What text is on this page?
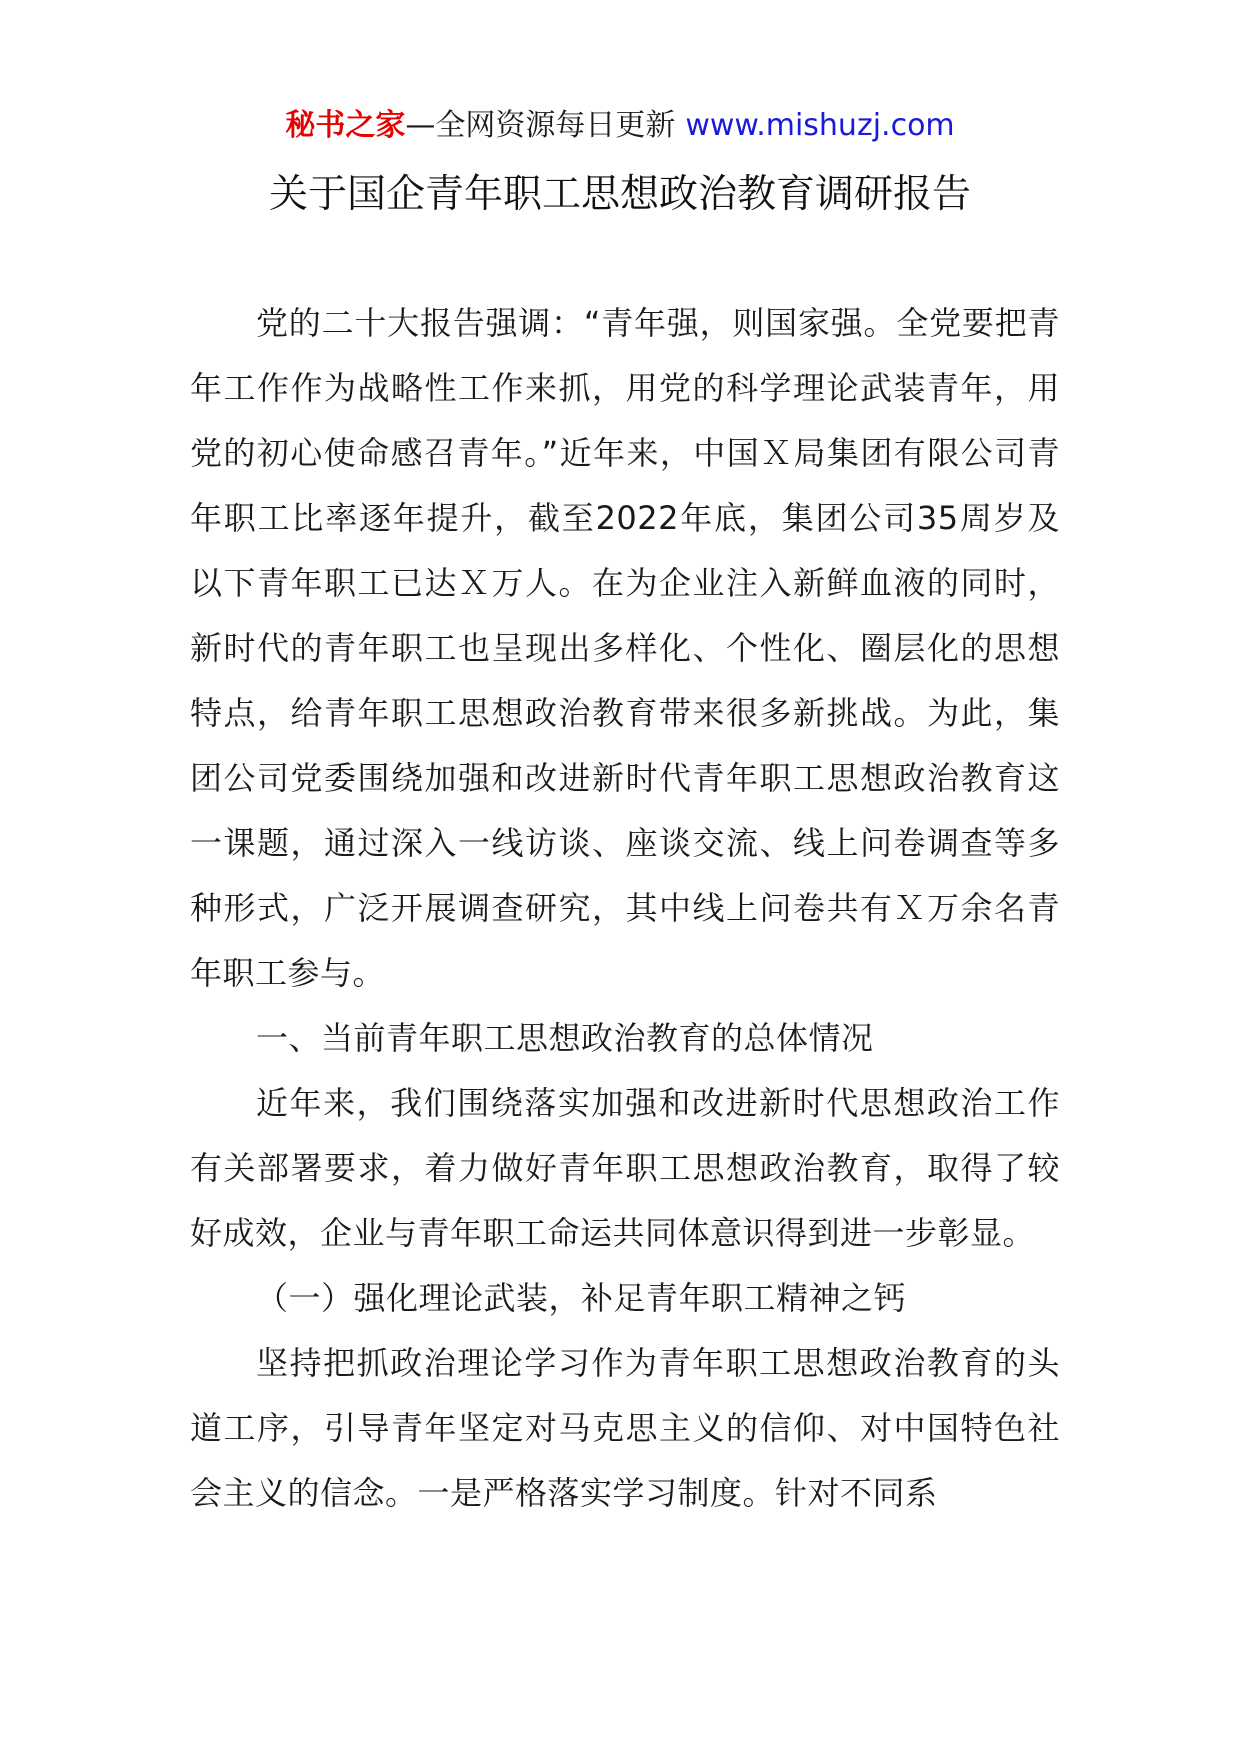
秘书之家—全网资源每日更新 www.mishuzj.com
关于国企青年职工思想政治教育调研报告

党的二十大报告强调：“青年强，则国家强。全党要把青年工作作为战略性工作来抓，用党的科学理论武装青年，用党的初心使命感召青年。”近年来，中国Ｘ局集团有限公司青年职工比率逐年提升，截至2022年底，集团公司35周岁及以下青年职工已达Ｘ万人。在为企业注入新鲜血液的同时，新时代的青年职工也呈现出多样化、个性化、圈层化的思想特点，给青年职工思想政治教育带来很多新挑战。为此，集团公司党委围绕加强和改进新时代青年职工思想政治教育这一课题，通过深入一线访谈、座谈交流、线上问卷调查等多种形式，广泛开展调查研究，其中线上问卷共有Ｘ万余名青年职工参与。

一、当前青年职工思想政治教育的总体情况

近年来，我们围绕落实加强和改进新时代思想政治工作有关部署要求，着力做好青年职工思想政治教育，取得了较好成效，企业与青年职工命运共同体意识得到进一步彰显。

（一）强化理论武装，补足青年职工精神之钙

坚持把抓政治理论学习作为青年职工思想政治教育的头道工序，引导青年坚定对马克思主义的信仰、对中国特色社会主义的信念。一是严格落实学习制度。针对不同系
